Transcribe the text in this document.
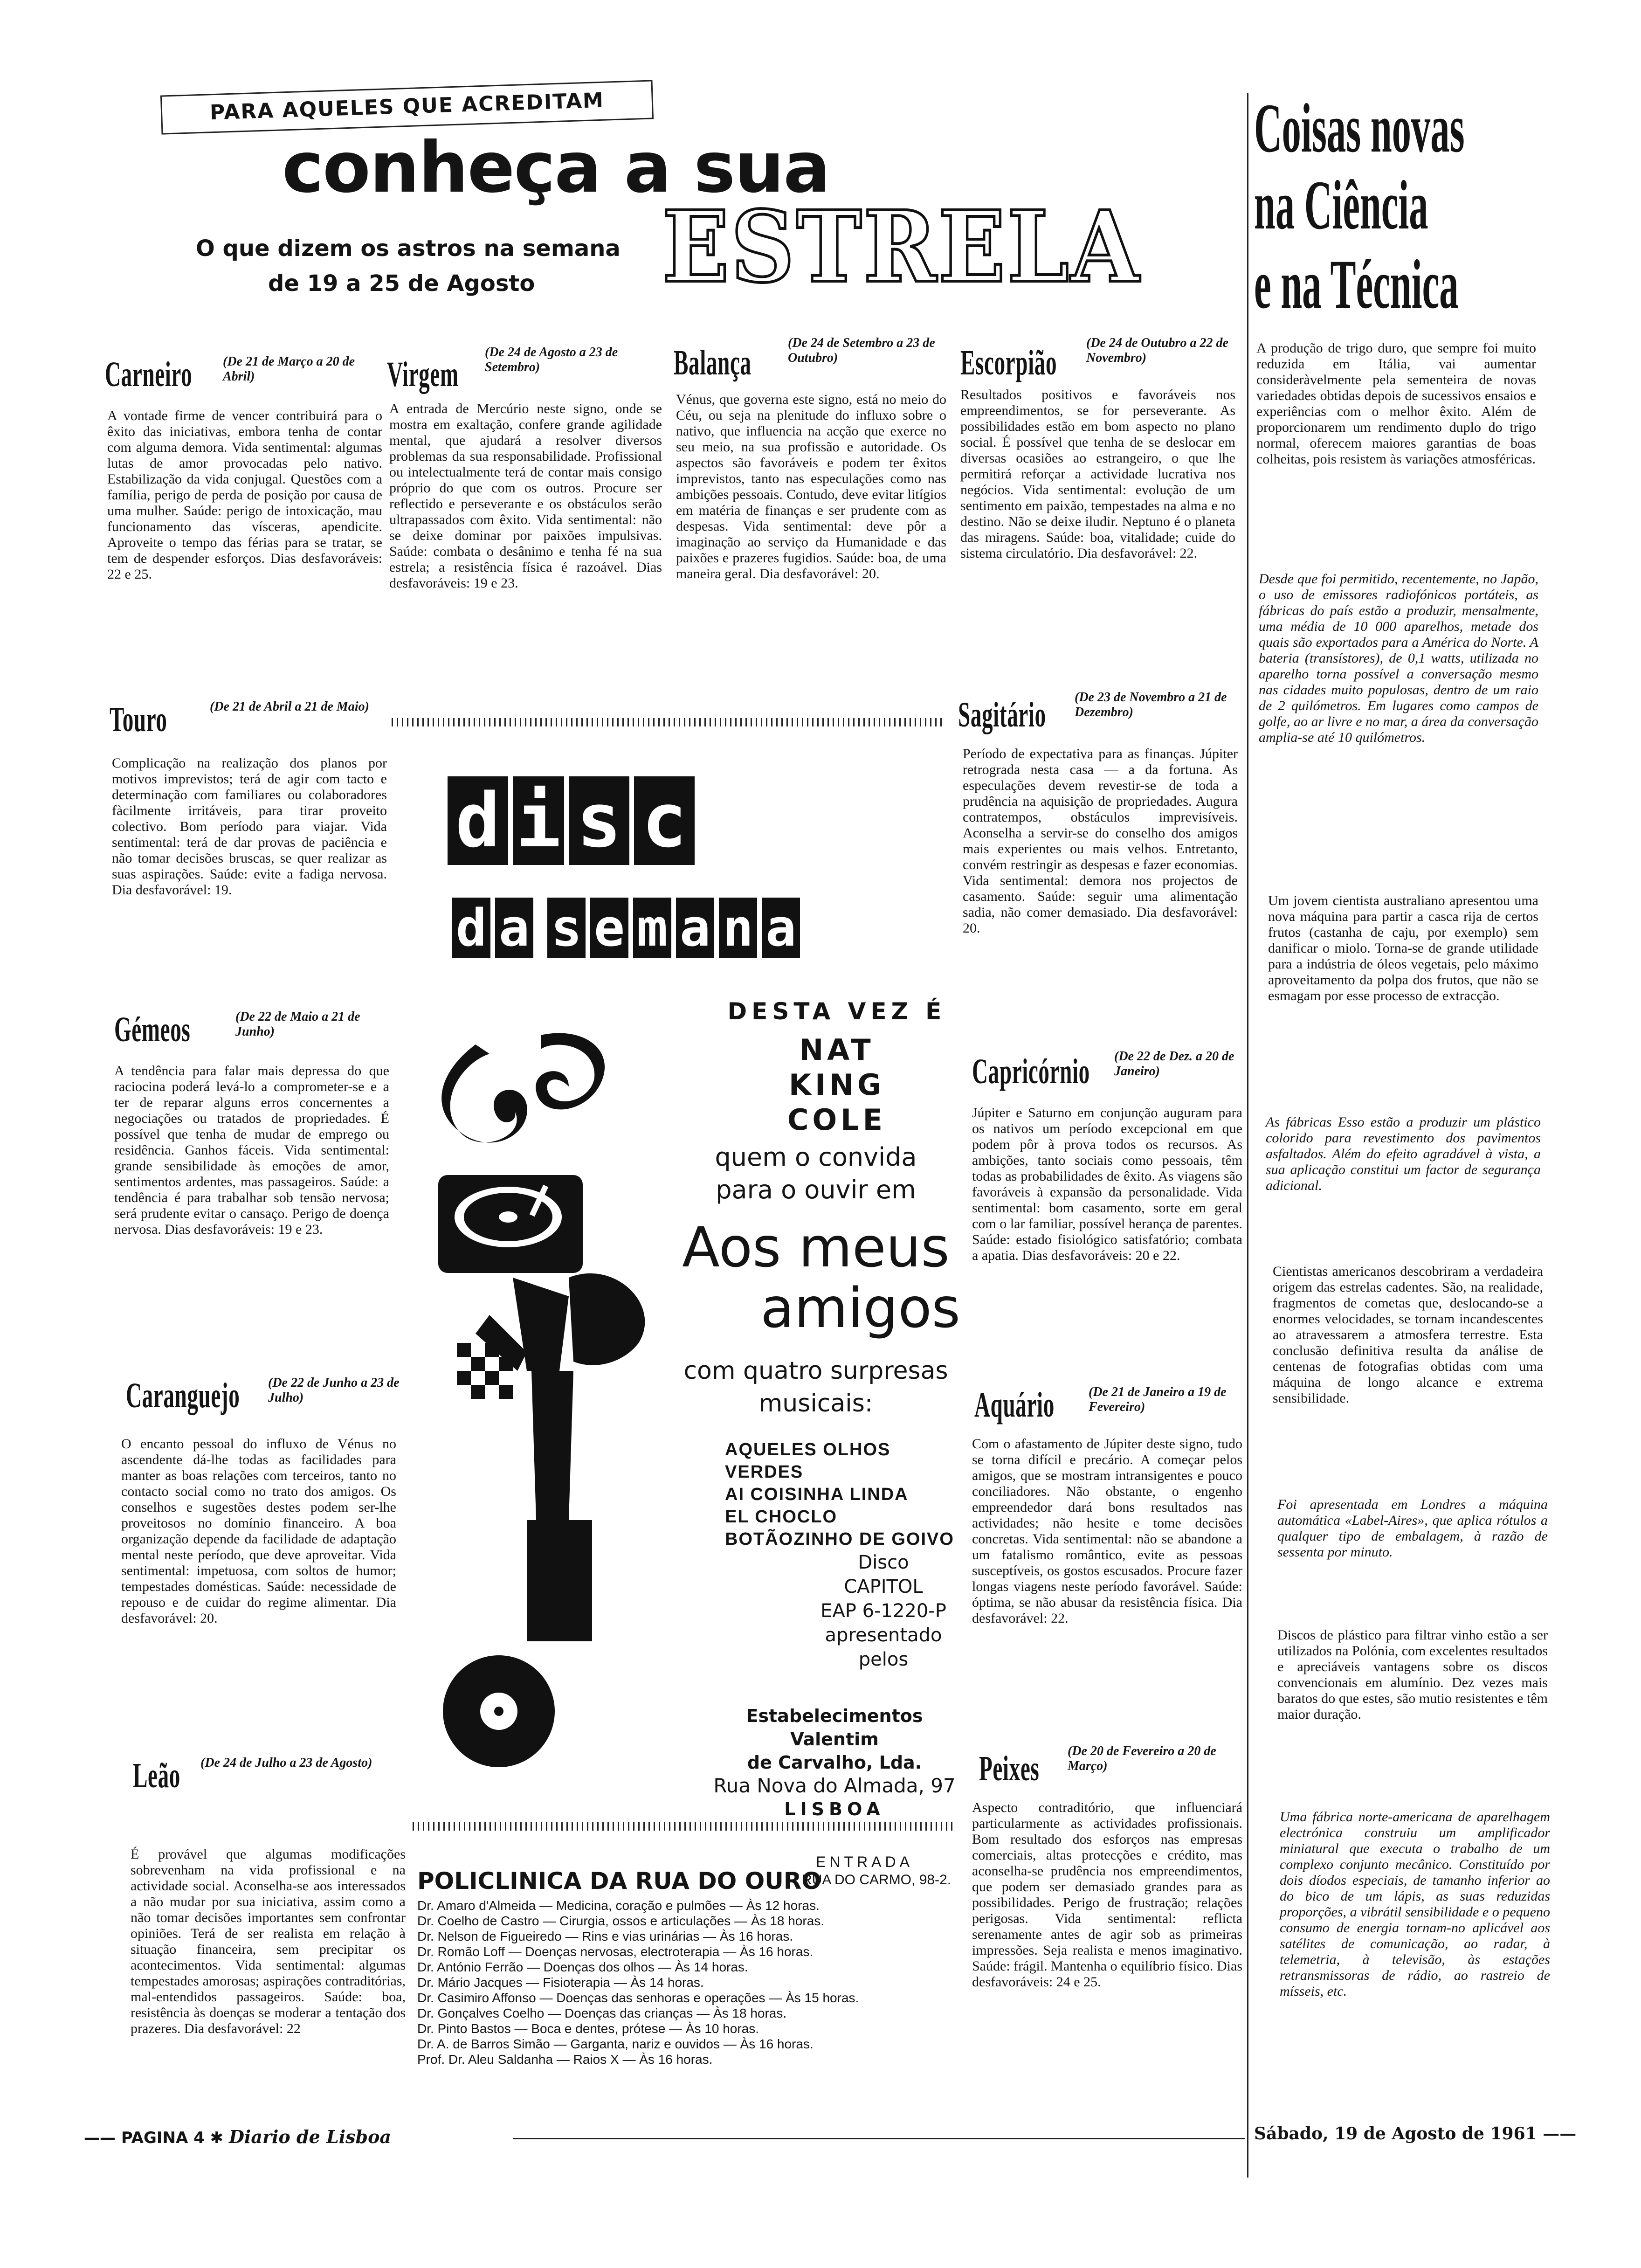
PARA AQUELES QUE ACREDITAM
conheça a sua
ESTRELA
O que dizem os astros na semana
de 19 a 25 de Agosto
Carneiro (De 21 de Março a 20 de Abril)
A vontade firme de vencer contribuirá para o êxito das iniciativas, embora tenha de contar com alguma demora. Vida sentimental: algumas lutas de amor provocadas pelo nativo. Estabilização da vida conjugal. Questões com a família, perigo de perda de posição por causa de uma mulher. Saúde: perigo de intoxicação, mau funcionamento das vísceras, apendicite. Aproveite o tempo das férias para se tratar, se tem de despender esforços. Dias desfavoráveis: 22 e 25.
Touro	(De 21 de Abril a 21 de Maio)
Complicação na realização dos planos por motivos imprevistos; terá de agir com tacto e determinação com familiares ou colaboradores fàcilmente irritáveis, para tirar proveito colectivo. Bom período para viajar. Vida sentimental: terá de dar provas de paciência e não tomar decisões bruscas, se quer realizar as suas aspirações. Saúde: evite a fadiga nervosa. Dia desfavorável: 19.
Gémeos	(De 22 de Maio a 21 de Junho)
A tendência para falar mais depressa do que raciocina poderá levá-lo a comprometer-se e a ter de reparar alguns erros concernentes a negociações ou tratados de propriedades. É possível que tenha de mudar de emprego ou residência. Ganhos fáceis. Vida sentimental: grande sensibilidade às emoções de amor, sentimentos ardentes, mas passageiros. Saúde: a tendência é para trabalhar sob tensão nervosa; será prudente evitar o cansaço. Perigo de doença nervosa. Dias desfavoráveis: 19 e 23.
Caranguejo (De 22 de Junho a 23 de Julho)
O encanto pessoal do influxo de Vénus no ascendente dá-lhe todas as facilidades para manter as boas relações com terceiros, tanto no contacto social como no trato dos amigos. Os conselhos e sugestões destes podem ser-lhe proveitosos no domínio financeiro. A boa organização depende da facilidade de adaptação mental neste período, que deve aproveitar. Vida sentimental: impetuosa, com soltos de humor; tempestades domésticas. Saúde: necessidade de repouso e de cuidar do regime alimentar. Dia desfavorável: 20.
Leão (De 24 de Julho a 23 de Agosto)
É provável que algumas modificações sobrevenham na vida profissional e na actividade social. Aconselha-se aos interessados a não mudar por sua iniciativa, assim como a não tomar decisões importantes sem confrontar opiniões. Terá de ser realista em relação à situação financeira, sem precipitar os acontecimentos. Vida sentimental: algumas tempestades amorosas; aspirações contraditórias, mal-entendidos passageiros. Saúde: boa, resistência às doenças se moderar a tentação dos prazeres. Dia desfavorável: 22
Virgem
(De 24 de Agosto a 23 de Setembro)
A entrada de Mercúrio neste signo, onde se mostra em exaltação, confere grande agilidade mental, que ajudará a resolver diversos problemas da sua responsabilidade. Profissional ou intelectualmente terá de contar mais consigo próprio do que com os outros. Procure ser reflectido e perseverante e os obstáculos serão ultrapassados com êxito. Vida sentimental: não se deixe dominar por paixões impulsivas. Saúde: combata o desânimo e tenha fé na sua estrela; a resistência física é razoável. Dias desfavoráveis: 19 e 23.
Balança
(De 24 de Setembro a 23 de Outubro)
Vénus, que governa este signo, está no meio do Céu, ou seja na plenitude do influxo sobre o nativo, que influencia na acção que exerce no seu meio, na sua profissão e autoridade. Os aspectos são favoráveis e podem ter êxitos imprevistos, tanto nas especulações como nas ambições pessoais. Contudo, deve evitar litígios em matéria de finanças e ser prudente com as despesas. Vida sentimental: deve pôr a imaginação ao serviço da Humanidade e das paixões e prazeres fugidios. Saúde: boa, de uma maneira geral. Dia desfavorável: 20.
Escorpião
(De 24 de Outubro a 22 de Novembro)
Resultados positivos e favoráveis nos empreendimentos, se for perseverante. As possibilidades estão em bom aspecto no plano social. É possível que tenha de se deslocar em diversas ocasiões ao estrangeiro, o que lhe permitirá reforçar a actividade lucrativa nos negócios. Vida sentimental: evolução de um sentimento em paixão, tempestades na alma e no destino. Não se deixe iludir. Neptuno é o planeta das miragens. Saúde: boa, vitalidade; cuide do sistema circulatório. Dia desfavorável: 22.
Sagitário (De 23 de Novembro a 21 de Dezembro)
Período de expectativa para as finanças. Júpiter retrograda nesta casa — a da fortuna. As especulações devem revestir-se de toda a prudência na aquisição de propriedades. Augura contratempos, obstáculos imprevisíveis. Aconselha a servir-se do conselho dos amigos mais experientes ou mais velhos. Entretanto, convém restringir as despesas e fazer economias. Vida sentimental: demora nos projectos de casamento. Saúde: seguir uma alimentação sadia, não comer demasiado. Dia desfavorável: 20.
Capricórnio (De 22 de Dez. a 20 de Janeiro)
Júpiter e Saturno em conjunção auguram para os nativos um período excepcional em que podem pôr à prova todos os recursos. As ambições, tanto sociais como pessoais, têm todas as probabilidades de êxito. As viagens são favoráveis à expansão da personalidade. Vida sentimental: bom casamento, sorte em geral com o lar familiar, possível herança de parentes. Saúde: estado fisiológico satisfatório; combata a apatia. Dias desfavoráveis: 20 e 22.
Aquário	(De 21 de Janeiro a 19 de Fevereiro)
Com o afastamento de Júpiter deste signo, tudo se torna difícil e precário. A começar pelos amigos, que se mostram intransigentes e pouco conciliadores. Não obstante, o engenho empreendedor dará bons resultados nas actividades; não hesite e tome decisões concretas. Vida sentimental: não se abandone a um fatalismo romântico, evite as pessoas susceptíveis, os gostos escusados. Procure fazer longas viagens neste período favorável. Saúde: óptima, se não abusar da resistência física. Dia desfavorável: 22.
Peixes (De 20 de Fevereiro a 20 de Março)
Aspecto contraditório, que influenciará particularmente as actividades profissionais. Bom resultado dos esforços nas empresas comerciais, altas protecções e crédito, mas aconselha-se prudência nos empreendimentos, que podem ser demasiado grandes para as possibilidades. Perigo de frustração; relações perigosas. Vida sentimental: reflicta serenamente antes de agir sob as primeiras impressões. Seja realista e menos imaginativo. Saúde: frágil. Mantenha o equilíbrio físico. Dias desfavoráveis: 24 e 25.
d i s c
d a s e m a n a
DESTA VEZ É
NAT
KING
COLE
quem o convida
para o ouvir em
Aos meus
amigos
com quatro surpresas
musicais:
AQUELES OLHOS VERDES
AI COISINHA LINDA
EL CHOCLO
BOTÃOZINHO DE GOIVO
Disco
CAPITOL
EAP 6-1220-P
apresentado
pelos
Estabelecimentos Valentim
de Carvalho, Lda.
Rua Nova do Almada, 97
LISBOA
POLICLINICA DA RUA DO OURO
ENTRADA
RUA DO CARMO, 98-2.
Dr. Amaro d'Almeida — Medicina, coração e pulmões — Às 12 horas.
Dr. Coelho de Castro — Cirurgia, ossos e articulações — Às 18 horas.
Dr. Nelson de Figueiredo — Rins e vias urinárias — Às 16 horas.
Dr. Romão Loff — Doenças nervosas, electroterapia — Às 16 horas.
Dr. António Ferrão — Doenças dos olhos — Às 14 horas.
Dr. Mário Jacques — Fisioterapia — Às 14 horas.
Dr. Casimiro Affonso — Doenças das senhoras e operações — Às 15 horas.
Dr. Gonçalves Coelho — Doenças das crianças — Às 18 horas.
Dr. Pinto Bastos — Boca e dentes, prótese — Às 10 horas.
Dr. A. de Barros Simão — Garganta, nariz e ouvidos — Às 16 horas.
Prof. Dr. Aleu Saldanha — Raios X — Às 16 horas.
Coisas novas
na Ciência
e na Técnica
A produção de trigo duro, que sempre foi muito reduzida em Itália, vai aumentar consideràvelmente pela sementeira de novas variedades obtidas depois de sucessivos ensaios e experiências com o melhor êxito. Além de proporcionarem um rendimento duplo do trigo normal, oferecem maiores garantias de boas colheitas, pois resistem às variações atmosféricas.
Desde que foi permitido, recentemente, no Japão, o uso de emissores radiofónicos portáteis, as fábricas do país estão a produzir, mensalmente, uma média de 10 000 aparelhos, metade dos quais são exportados para a América do Norte. A bateria (transístores), de 0,1 watts, utilizada no aparelho torna possível a conversação mesmo nas cidades muito populosas, dentro de um raio de 2 quilómetros. Em lugares como campos de golfe, ao ar livre e no mar, a área da conversação amplia-se até 10 quilómetros.
Um jovem cientista australiano apresentou uma nova máquina para partir a casca rija de certos frutos (castanha de caju, por exemplo) sem danificar o miolo. Torna-se de grande utilidade para a indústria de óleos vegetais, pelo máximo aproveitamento da polpa dos frutos, que não se esmagam por esse processo de extracção.
As fábricas Esso estão a produzir um plástico colorido para revestimento dos pavimentos asfaltados. Além do efeito agradável à vista, a sua aplicação constitui um factor de segurança adicional.
Cientistas americanos descobriram a verdadeira origem das estrelas cadentes. São, na realidade, fragmentos de cometas que, deslocando-se a enormes velocidades, se tornam incandescentes ao atravessarem a atmosfera terrestre. Esta conclusão definitiva resulta da análise de centenas de fotografias obtidas com uma máquina de longo alcance e extrema sensibilidade.
Foi apresentada em Londres a máquina automática «Label-Aires», que aplica rótulos a qualquer tipo de embalagem, à razão de sessenta por minuto.
Discos de plástico para filtrar vinho estão a ser utilizados na Polónia, com excelentes resultados e apreciáveis vantagens sobre os discos convencionais em alumínio. Dez vezes mais baratos do que estes, são mutio resistentes e têm maior duração.
Uma fábrica norte-americana de aparelhagem electrónica construiu um amplificador miniatural que executa o trabalho de um complexo conjunto mecânico. Constituído por dois díodos especiais, de tamanho inferior ao do bico de um lápis, as suas reduzidas proporções, a vibrátil sensibilidade e o pequeno consumo de energia tornam-no aplicável aos satélites de comunicação, ao radar, à telemetria, à televisão, às estações retransmissoras de rádio, ao rastreio de mísseis, etc.
—— PAGINA 4 ✱ Diario de Lisboa	Sábado, 19 de Agosto de 1961 ——
